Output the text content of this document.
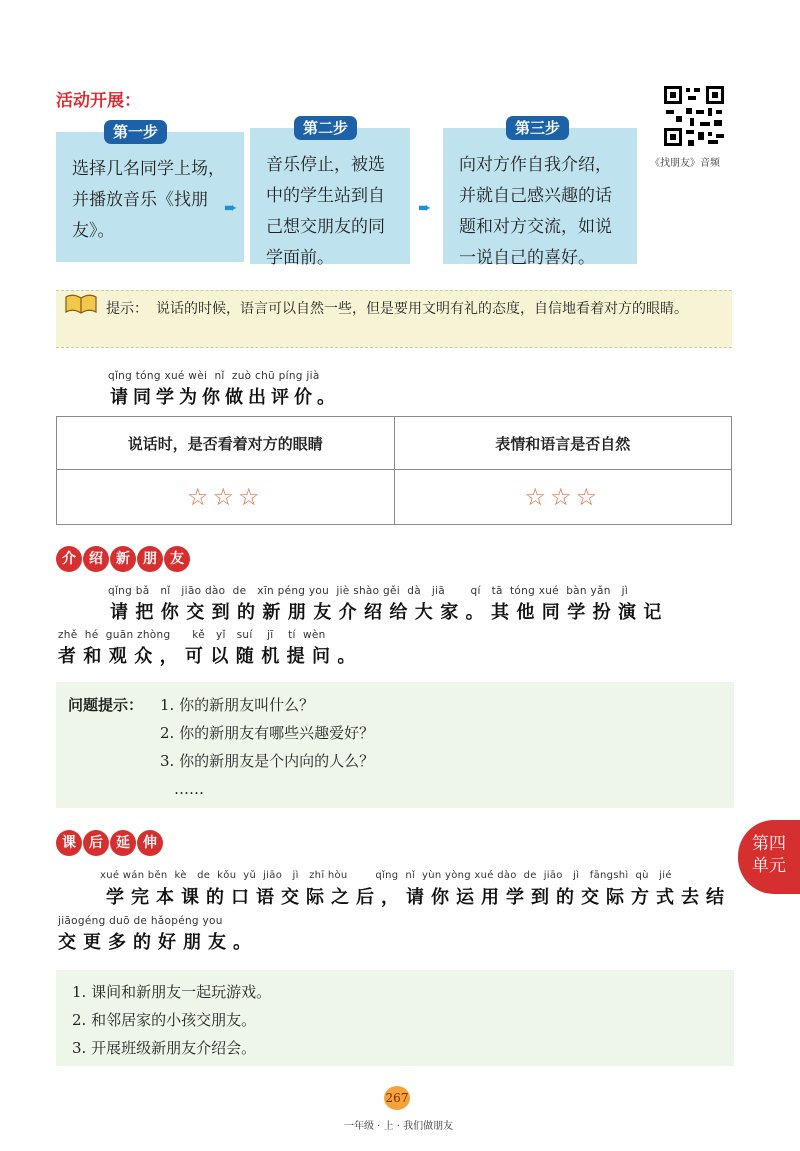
活动开展：
选择几名同学上场，并播放音乐《找朋友》。
第一步
➨
音乐停止，被选中的学生站到自己想交朋友的同学面前。
第二步
➨
向对方作自我介绍，并就自己感兴趣的话题和对方交流，如说一说自己的喜好。
第三步
《找朋友》音频
提示： 说话的时候，语言可以自然一些，但是要用文明有礼的态度，自信地看着对方的眼睛。
qǐng tóng xué wèi  nǐ  zuò chū píng jià
请同学为你做出评价。
说话时，是否看着对方的眼睛	表情和语言是否自然
☆☆☆	☆☆☆
介 绍 新 朋 友
qǐng bǎ   nǐ   jiāo dào  de   xīn péng you  jiè shào gěi  dà   jiā       qí   tā  tóng xué  bàn yǎn   jì
请把你交到的新朋友介绍给大家。其他同学扮演记
zhě  hé  guān zhòng      kě   yǐ   suí    jī    tí  wèn
者和观众，可以随机提问。
问题提示： 1. 你的新朋友叫什么？
2. 你的新朋友有哪些兴趣爱好？
3. 你的新朋友是个内向的人么？
……
课 后 延 伸
xué wán běn  kè   de  kǒu  yǔ  jiāo   jì   zhī hòu        qǐng  nǐ  yùn yòng xué dào  de  jiāo   jì   fāngshì  qù   jié
学完本课的口语交际之后，请你运用学到的交际方式去结
jiāogéng duō de hǎopéng you
交更多的好朋友。
1. 课间和新朋友一起玩游戏。
2. 和邻居家的小孩交朋友。
3. 开展班级新朋友介绍会。
第四
单元
267
一年级 · 上 · 我们做朋友
